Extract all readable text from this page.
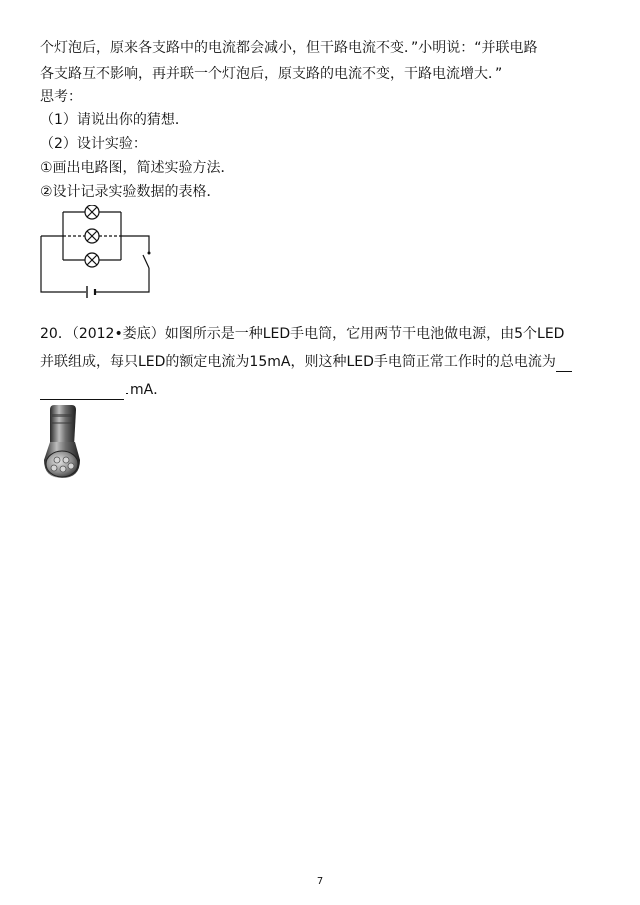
个灯泡后，原来各支路中的电流都会减小，但干路电流不变．”小明说：“并联电路
各支路互不影响，再并联一个灯泡后，原支路的电流不变，干路电流增大．”
思考：
（1）请说出你的猜想．
（2）设计实验：
①画出电路图，简述实验方法．
②设计记录实验数据的表格．
20．（2012•娄底）如图所示是一种LED手电筒，它用两节干电池做电源，由5个LED
并联组成，每只LED的额定电流为15mA，则这种LED手电筒正常工作时的总电流为
mA．
7
